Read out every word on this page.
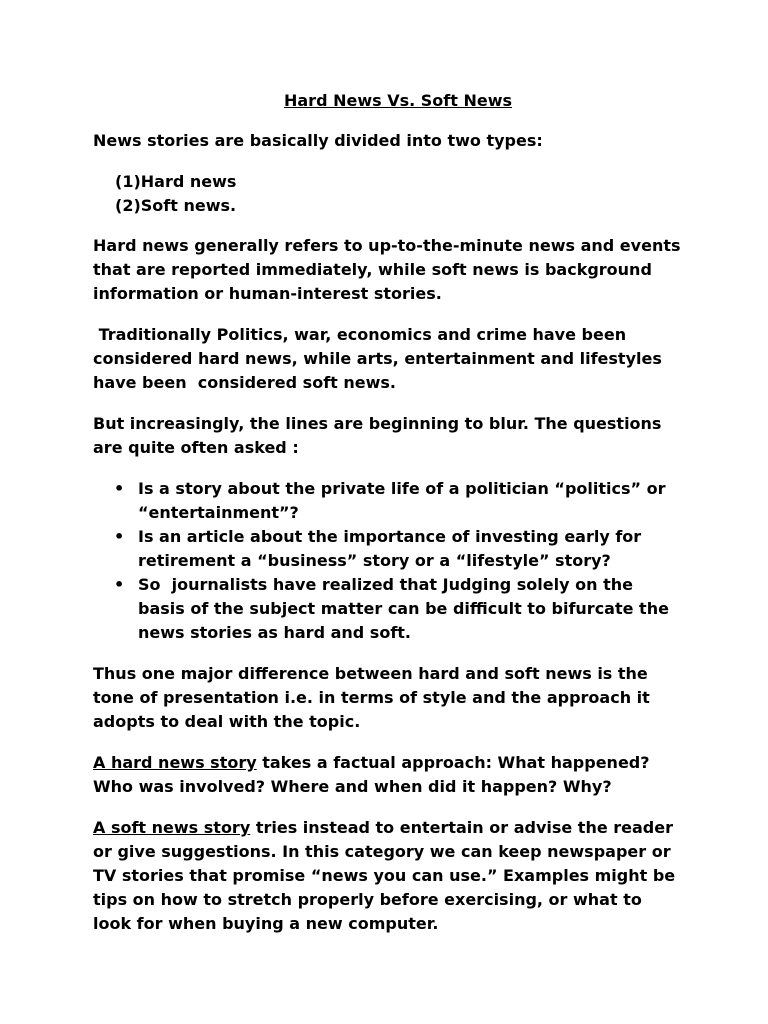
Hard News Vs. Soft News

News stories are basically divided into two types:

(1)Hard news
(2)Soft news.

Hard news generally refers to up-to-the-minute news and events that are reported immediately, while soft news is background information or human-interest stories.

Traditionally Politics, war, economics and crime have been considered hard news, while arts, entertainment and lifestyles have been  considered soft news.

But increasingly, the lines are beginning to blur. The questions are quite often asked :

• Is a story about the private life of a politician “politics” or “entertainment”?
• Is an article about the importance of investing early for retirement a “business” story or a “lifestyle” story?
• So  journalists have realized that Judging solely on the basis of the subject matter can be difficult to bifurcate the news stories as hard and soft.

Thus one major difference between hard and soft news is the tone of presentation i.e. in terms of style and the approach it adopts to deal with the topic.

A hard news story takes a factual approach: What happened? Who was involved? Where and when did it happen? Why?

A soft news story tries instead to entertain or advise the reader or give suggestions. In this category we can keep newspaper or TV stories that promise “news you can use.” Examples might be tips on how to stretch properly before exercising, or what to look for when buying a new computer.
